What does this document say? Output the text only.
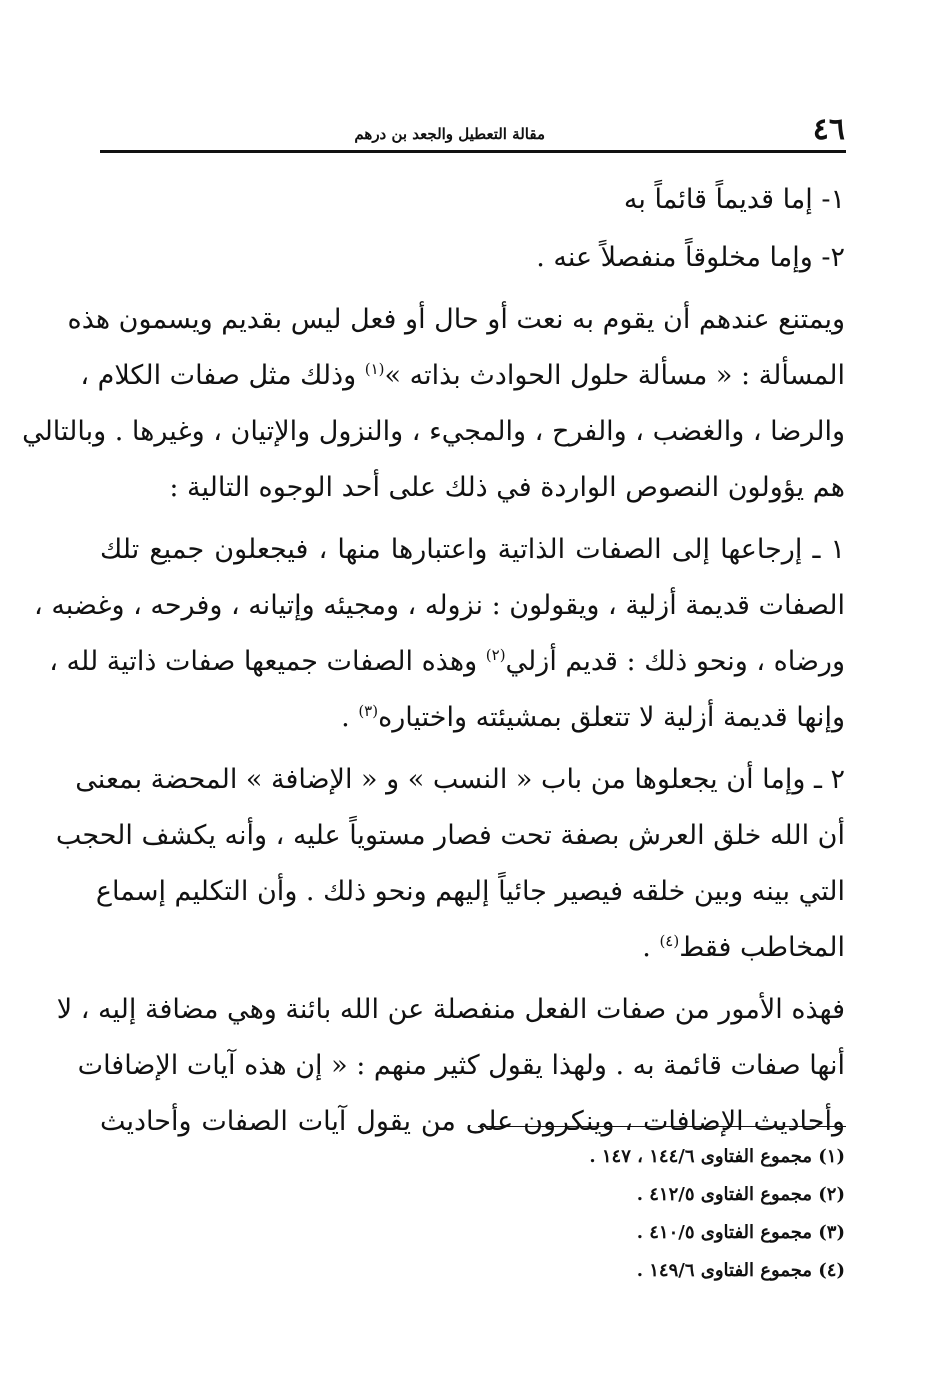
٤٦
مقالة التعطيل والجعد بن درهم
١- إما قديماً قائماً به
٢- وإما مخلوقاً منفصلاً عنه .
ويمتنع عندهم أن يقوم به نعت أو حال أو فعل ليس بقديم ويسمون هذه
المسألة : « مسألة حلول الحوادث بذاته »$^{(١)}$ وذلك مثل صفات الكلام ،
والرضا ، والغضب ، والفرح ، والمجيء ، والنزول والإتيان ، وغيرها . وبالتالي
هم يؤولون النصوص الواردة في ذلك على أحد الوجوه التالية :
١ ـ إرجاعها إلى الصفات الذاتية واعتبارها منها ، فيجعلون جميع تلك
الصفات قديمة أزلية ، ويقولون : نزوله ، ومجيئه وإتيانه ، وفرحه ، وغضبه ،
ورضاه ، ونحو ذلك : قديم أزلي$^{(٢)}$ وهذه الصفات جميعها صفات ذاتية لله ،
وإنها قديمة أزلية لا تتعلق بمشيئته واختياره$^{(٣)}$ .
٢ ـ وإما أن يجعلوها من باب « النسب » و « الإضافة » المحضة بمعنى
أن الله خلق العرش بصفة تحت فصار مستوياً عليه ، وأنه يكشف الحجب
التي بينه وبين خلقه فيصير جائياً إليهم ونحو ذلك . وأن التكليم إسماع
المخاطب فقط$^{(٤)}$ .
فهذه الأمور من صفات الفعل منفصلة عن الله بائنة وهي مضافة إليه ، لا
أنها صفات قائمة به . ولهذا يقول كثير منهم : « إن هذه آيات الإضافات
وأحاديث الإضافات ، وينكرون على من يقول آيات الصفات وأحاديث
(١) مجموع الفتاوى ١٤٤/٦ ، ١٤٧ .
(٢) مجموع الفتاوى ٤١٢/٥ .
(٣) مجموع الفتاوى ٤١٠/٥ .
(٤) مجموع الفتاوى ١٤٩/٦ .
